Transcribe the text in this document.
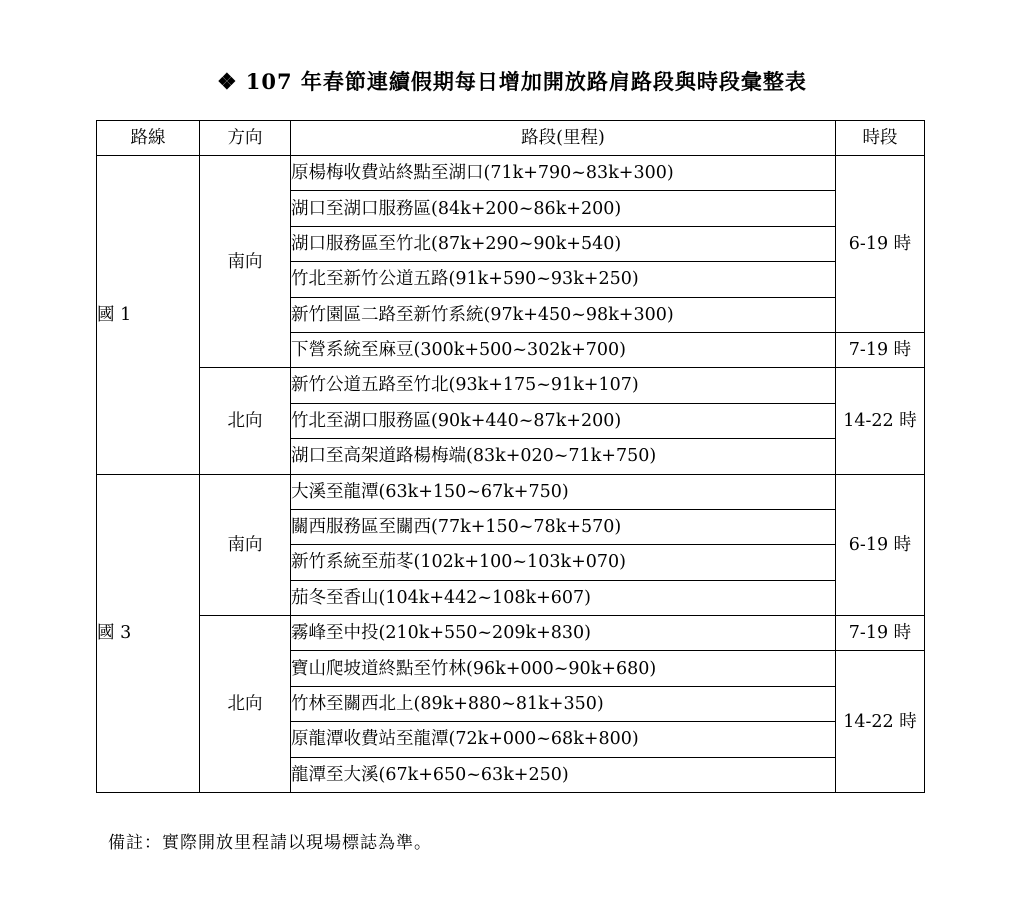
❖ 107 年春節連續假期每日增加開放路肩路段與時段彙整表
路線	方向	路段(里程)	時段
國 1	南向	原楊梅收費站終點至湖口(71k+790~83k+300)	6-19 時
		湖口至湖口服務區(84k+200~86k+200)	
		湖口服務區至竹北(87k+290~90k+540)	
		竹北至新竹公道五路(91k+590~93k+250)	
		新竹園區二路至新竹系統(97k+450~98k+300)	
		下營系統至麻豆(300k+500~302k+700)	7-19 時
	北向	新竹公道五路至竹北(93k+175~91k+107)	14-22 時
		竹北至湖口服務區(90k+440~87k+200)	
		湖口至高架道路楊梅端(83k+020~71k+750)	
國 3	南向	大溪至龍潭(63k+150~67k+750)	6-19 時
		關西服務區至關西(77k+150~78k+570)	
		新竹系統至茄苳(102k+100~103k+070)	
		茄冬至香山(104k+442~108k+607)	
	北向	霧峰至中投(210k+550~209k+830)	7-19 時
		寶山爬坡道終點至竹林(96k+000~90k+680)	14-22 時
		竹林至關西北上(89k+880~81k+350)	
		原龍潭收費站至龍潭(72k+000~68k+800)	
		龍潭至大溪(67k+650~63k+250)	
備註：實際開放里程請以現場標誌為準。
